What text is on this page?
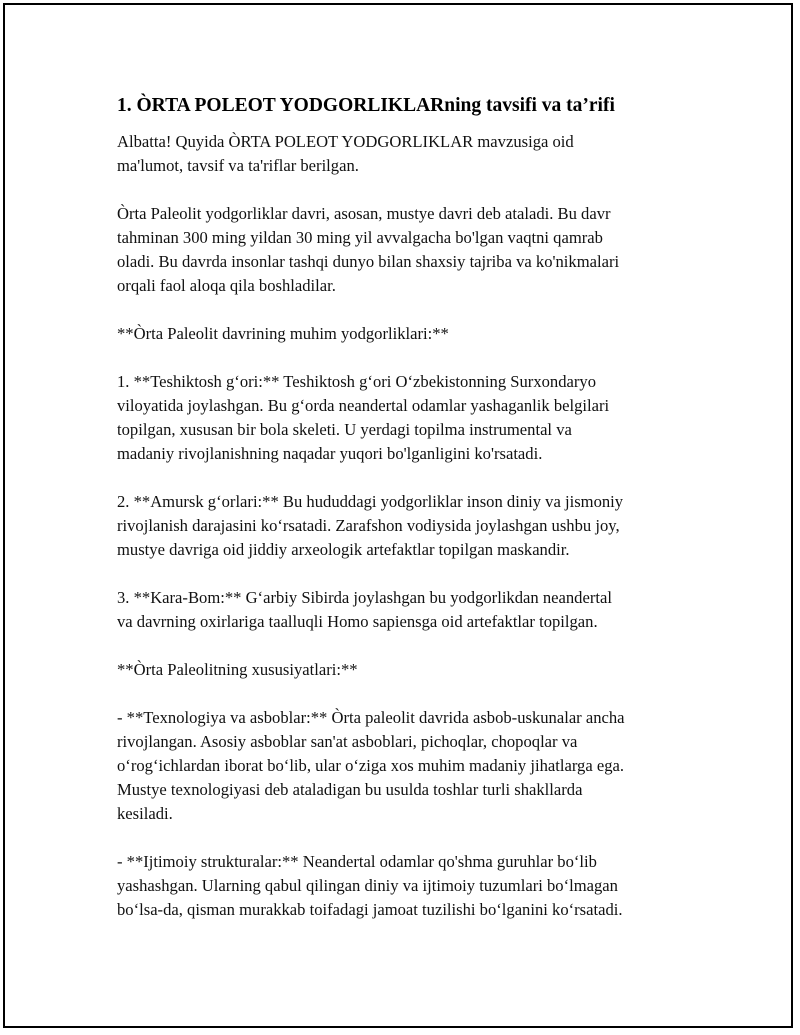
1. ÒRTA POLEOT YODGORLIKLARning tavsifi va ta’rifi
Albatta! Quyida ÒRTA POLEOT YODGORLIKLAR mavzusiga oid
ma'lumot, tavsif va ta'riflar berilgan.
Òrta Paleolit yodgorliklar davri, asosan, mustye davri deb ataladi. Bu davr
tahminan 300 ming yildan 30 ming yil avvalgacha bo'lgan vaqtni qamrab
oladi. Bu davrda insonlar tashqi dunyo bilan shaxsiy tajriba va ko'nikmalari
orqali faol aloqa qila boshladilar.
**Òrta Paleolit davrining muhim yodgorliklari:**
1. **Teshiktosh g‘ori:** Teshiktosh g‘ori O‘zbekistonning Surxondaryo
viloyatida joylashgan. Bu g‘orda neandertal odamlar yashaganlik belgilari
topilgan, xususan bir bola skeleti. U yerdagi topilma instrumental va
madaniy rivojlanishning naqadar yuqori bo'lganligini ko'rsatadi.
2. **Amursk g‘orlari:** Bu hududdagi yodgorliklar inson diniy va jismoniy
rivojlanish darajasini ko‘rsatadi. Zarafshon vodiysida joylashgan ushbu joy,
mustye davriga oid jiddiy arxeologik artefaktlar topilgan maskandir.
3. **Kara-Bom:** G‘arbiy Sibirda joylashgan bu yodgorlikdan neandertal
va davrning oxirlariga taalluqli Homo sapiensga oid artefaktlar topilgan.
**Òrta Paleolitning xususiyatlari:**
- **Texnologiya va asboblar:** Òrta paleolit davrida asbob-uskunalar ancha
rivojlangan. Asosiy asboblar san'at asboblari, pichoqlar, chopoqlar va
o‘rog‘ichlardan iborat bo‘lib, ular o‘ziga xos muhim madaniy jihatlarga ega.
Mustye texnologiyasi deb ataladigan bu usulda toshlar turli shakllarda
kesiladi.
- **Ijtimoiy strukturalar:** Neandertal odamlar qo'shma guruhlar bo‘lib
yashashgan. Ularning qabul qilingan diniy va ijtimoiy tuzumlari bo‘lmagan
bo‘lsa-da, qisman murakkab toifadagi jamoat tuzilishi bo‘lganini ko‘rsatadi.
